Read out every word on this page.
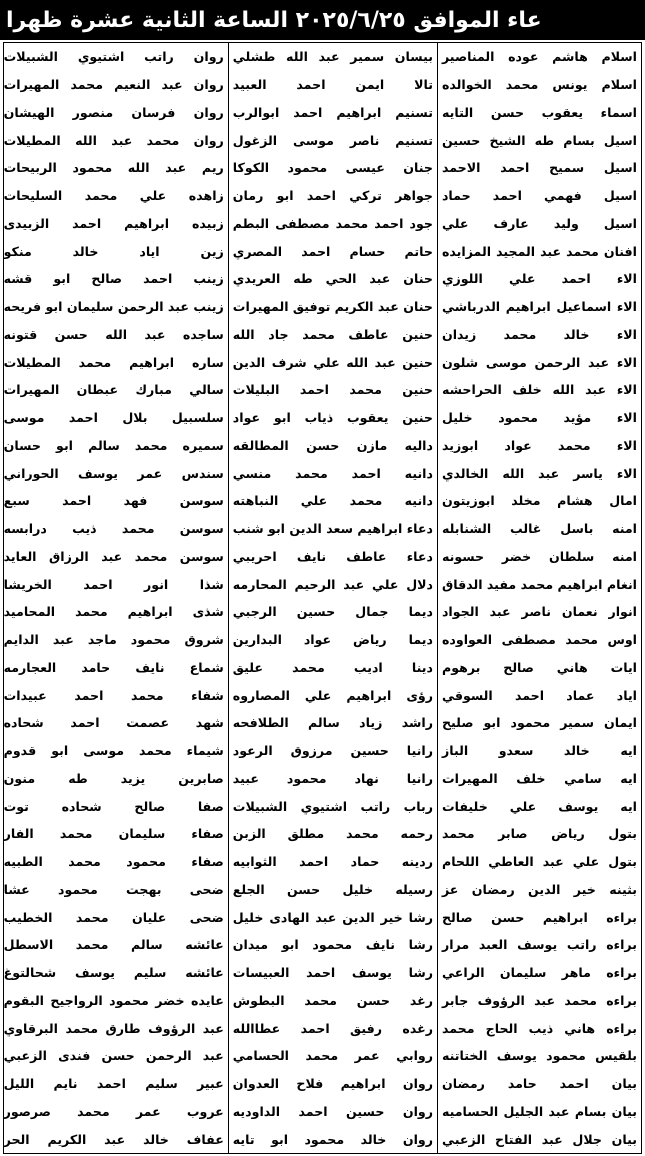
عاء الموافق ٢٠٢٥/٦/٢٥ الساعة الثانية عشرة ظهرا
اسلام هاشم عوده المناصير
اسلام يونس محمد الخوالده
اسماء يعقوب حسن التايه
اسيل بسام طه الشيخ حسين
اسيل سميح احمد الاحمد
اسيل فهمي احمد حماد
اسيل وليد عارف علي
افنان محمد عبد المجيد المزايده
الاء احمد علي اللوزي
الاء اسماعيل ابراهيم الدرباشي
الاء خالد محمد زيدان
الاء عبد الرحمن موسى شلون
الاء عبد الله خلف الحراحشه
الاء مؤيد محمود خليل
الاء محمد عواد ابوزيد
الاء ياسر عبد الله الخالدي
امال هشام مخلد ابوزيتون
امنه باسل غالب الشنابله
امنه سلطان خضر حسونه
انغام ابراهيم محمد مفيد الدقاق
انوار نعمان ناصر عبد الجواد
اوس محمد مصطفى العواوده
ايات هاني صالح برهوم
اياد عماد احمد السوقي
ايمان سمير محمود ابو صليح
ايه خالد سعدو الباز
ايه سامي خلف المهيرات
ايه يوسف علي خليفات
بتول رياض صابر محمد
بتول علي عبد العاطي اللحام
بثينه خير الدين رمضان عز
براءه ابراهيم حسن صالح
براءه راتب يوسف العبد مرار
براءه ماهر سليمان الراعي
براءه محمد عبد الرؤوف جابر
براءه هاني ذيب الحاج محمد
بلقيس محمود يوسف الختاتنه
بيان احمد حامد رمضان
بيان بسام عبد الجليل الحساميه
بيان جلال عبد الفتاح الزعبي
بيسان سمير عبد الله طشلي
تالا ايمن احمد العبيد
تسنيم ابراهيم احمد ابوالرب
تسنيم ناصر موسى الزغول
جنان عيسى محمود الكوكا
جواهر تركي احمد ابو رمان
جود احمد محمد مصطفى البطم
حاتم حسام احمد المصري
حنان عبد الحي طه العريدي
حنان عبد الكريم توفيق المهيرات
حنين عاطف محمد جاد الله
حنين عبد الله علي شرف الدين
حنين محمد احمد البليلات
حنين يعقوب ذياب ابو عواد
داليه مازن حسن المطالقه
دانيه احمد محمد منسي
دانيه محمد علي النباهته
دعاء ابراهيم سعد الدين ابو شنب
دعاء عاطف نايف احريبي
دلال علي عبد الرحيم المحارمه
ديما جمال حسين الرجبي
ديما رياض عواد البدارين
دينا اديب محمد عليق
رؤى ابراهيم علي المصاروه
راشد زياد سالم الطلافحه
رانيا حسين مرزوق الرعود
رانيا نهاد محمود عبيد
رباب راتب اشتيوي الشبيلات
رحمه محمد مطلق الزبن
ردينه حماد احمد الثوابيه
رسيله خليل حسن الجلع
رشا خير الدين عبد الهادى خليل
رشا نايف محمود ابو ميدان
رشا يوسف احمد العبيسات
رغد حسن محمد البطوش
رغده رفيق احمد عطاالله
روابي عمر محمد الحسامي
روان ابراهيم فلاح العدوان
روان حسين احمد الداوديه
روان خالد محمود ابو تايه
روان راتب اشتيوي الشبيلات
روان عبد النعيم محمد المهيرات
روان فرسان منصور الهيشان
روان محمد عبد الله المطيلات
ريم عبد الله محمود الربيحات
زاهده علي محمد السليحات
زبيده ابراهيم احمد الزبيدى
زين اياد خالد منكو
زينب احمد صالح ابو قشه
زينب عبد الرحمن سليمان ابو فريحه
ساجده عبد الله حسن قتونه
ساره ابراهيم محمد المطيلات
سالي مبارك عبطان المهيرات
سلسبيل بلال احمد موسى
سميره محمد سالم ابو حسان
سندس عمر يوسف الحوراني
سوسن فهد احمد سبع
سوسن محمد ذيب درابسه
سوسن محمد عبد الرزاق العايد
شذا انور احمد الخريشا
شذى ابراهيم محمد المحاميد
شروق محمود ماجد عبد الدايم
شماع نايف حامد العجارمه
شفاء محمد احمد عبيدات
شهد عصمت احمد شحاده
شيماء محمد موسى ابو قدوم
صابرين يزيد طه منون
صفا صالح شحاده توت
صفاء سليمان محمد الفار
صفاء محمود محمد الطبيه
ضحى بهجت محمود عشا
ضحى عليان محمد الخطيب
عائشه سالم محمد الاسطل
عائشه سليم يوسف شحالتوغ
عايده خضر محمود الرواجيح البقوم
عبد الرؤوف طارق محمد البرقاوي
عبد الرحمن حسن فندى الزعبي
عبير سليم احمد نايم الليل
عروب عمر محمد صرصور
عفاف خالد عبد الكريم الحر
